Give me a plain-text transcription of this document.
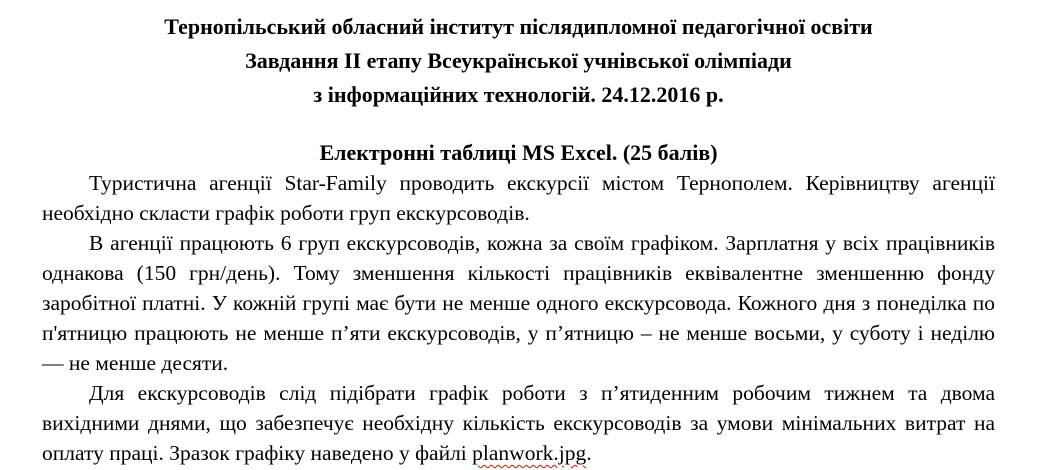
Тернопільський обласний інститут післядипломної педагогічної освіти
Завдання II етапу Всеукраїнської учнівської олімпіади
з інформаційних технологій. 24.12.2016 р.
Електронні таблиці MS Excel. (25 балів)

Туристична агенції Star-Family проводить екскурсії містом Тернополем. Керівництву агенції необхідно скласти графік роботи груп екскурсоводів.

В агенції працюють 6 груп екскурсоводів, кожна за своїм графіком. Зарплатня у всіх працівників однакова (150 грн/день). Тому зменшення кількості працівників еквівалентне зменшенню фонду заробітної платні. У кожній групі має бути не менше одного екскурсовода. Кожного дня з понеділка по п'ятницю працюють не менше п’яти екскурсоводів, у п’ятницю – не менше восьми, у суботу і неділю — не менше десяти.

Для екскурсоводів слід підібрати графік роботи з п’ятиденним робочим тижнем та двома вихідними днями, що забезпечує необхідну кількість екскурсоводів за умови мінімальних витрат на оплату праці. Зразок графіку наведено у файлі planwork.jpg.
